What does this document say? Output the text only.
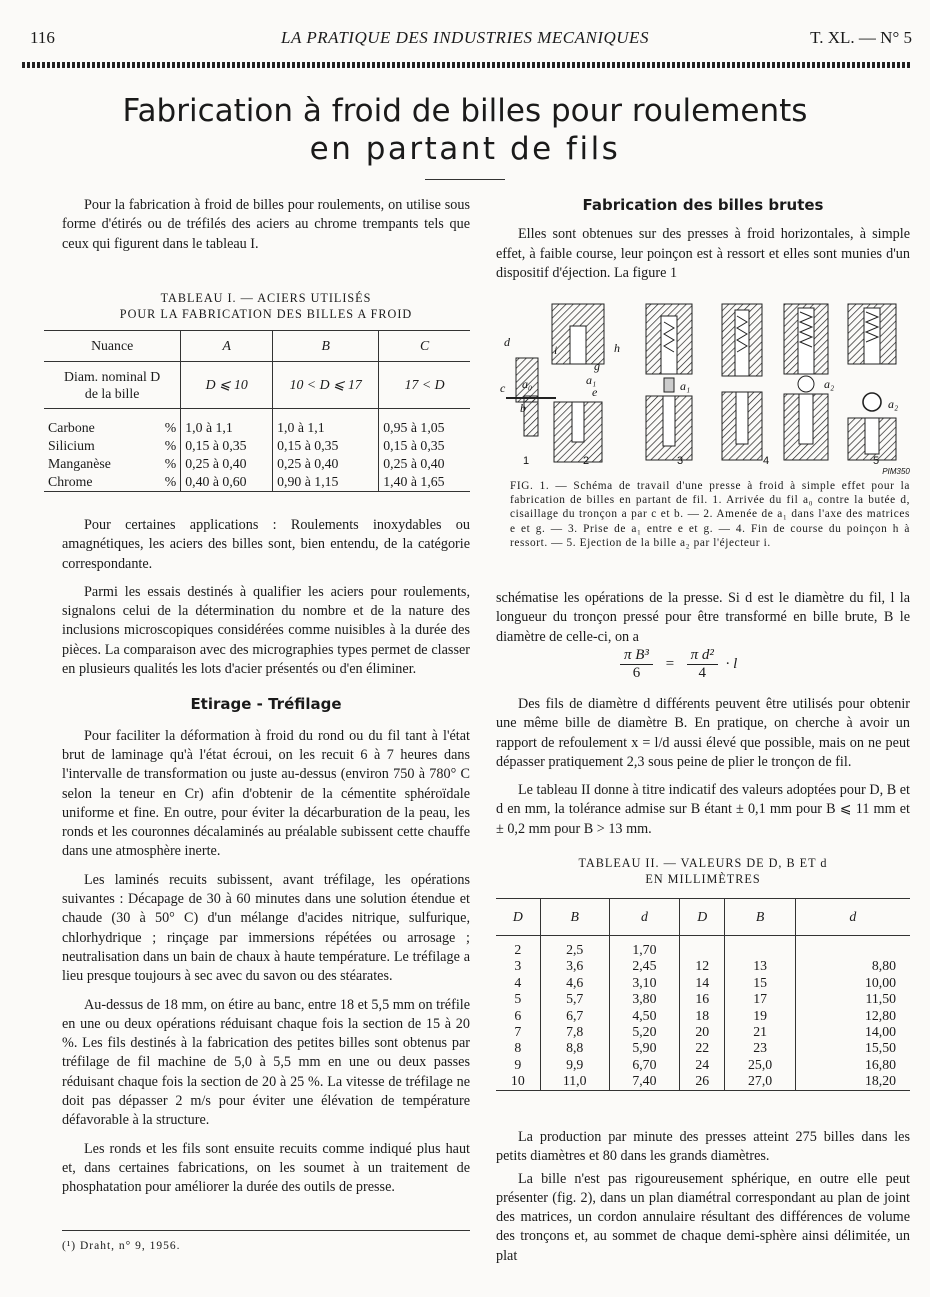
116	LA PRATIQUE DES INDUSTRIES MECANIQUES	T. XL. — N° 5
Fabrication à froid de billes pour roulements
en partant de fils

Pour la fabrication à froid de billes pour roulements, on utilise sous forme d'étirés ou de tréfilés des aciers au chrome trempants tels que ceux qui figurent dans le tableau I.

TABLEAU I. — ACIERS UTILISÉS
POUR LA FABRICATION DES BILLES A FROID
Nuance		A	B	C

Diam. nominal D
de la bille		D ⩽ 10	10 < D ⩽ 17	17 < D

Carbone	%	1,0 à 1,1	1,0 à 1,1	0,95 à 1,05
Silicium	%	0,15 à 0,35	0,15 à 0,35	0,15 à 0,35
Manganèse	%	0,25 à 0,40	0,25 à 0,40	0,25 à 0,40
Chrome	%	0,40 à 0,60	0,90 à 1,15	1,40 à 1,65

Pour certaines applications : Roulements inoxydables ou amagnétiques, les aciers des billes sont, bien entendu, de la catégorie correspondante.

Parmi les essais destinés à qualifier les aciers pour roulements, signalons celui de la détermination du nombre et de la nature des inclusions microscopiques considérées comme nuisibles à la durée des pièces. La comparaison avec des micrographies types permet de classer en plusieurs qualités les lots d'acier présentés ou d'en éliminer.

Etirage - Tréfilage

Pour faciliter la déformation à froid du rond ou du fil tant à l'état brut de laminage qu'à l'état écroui, on les recuit 6 à 7 heures dans l'intervalle de transformation ou juste au-dessus (environ 750 à 780° C selon la teneur en Cr) afin d'obtenir de la cémentite sphéroïdale uniforme et fine. En outre, pour éviter la décarburation de la peau, les ronds et les couronnes décalaminés au préalable subissent cette chauffe dans une atmosphère inerte.

Les laminés recuits subissent, avant tréfilage, les opérations suivantes : Décapage de 30 à 60 minutes dans une solution étendue et chaude (30 à 50° C) d'un mélange d'acides nitrique, sulfurique, chlorhydrique ; rinçage par immersions répétées ou arrosage ; neutralisation dans un bain de chaux à haute température. Le tréfilage a lieu presque toujours à sec avec du savon ou des stéarates.

Au-dessus de 18 mm, on étire au banc, entre 18 et 5,5 mm on tréfile en une ou deux opérations réduisant chaque fois la section de 15 à 20 %. Les fils destinés à la fabrication des petites billes sont obtenus par tréfilage de fil machine de 5,0 à 5,5 mm en une ou deux passes réduisant chaque fois la section de 20 à 25 %. La vitesse de tréfilage ne doit pas dépasser 2 m/s pour éviter une élévation de température défavorable à la structure.

Les ronds et les fils sont ensuite recuits comme indiqué plus haut et, dans certaines fabrications, on les soumet à un traitement de phosphatation pour améliorer la durée des outils de presse.

(¹) Draht, n° 9, 1956.
Fabrication des billes brutes

Elles sont obtenues sur des presses à froid horizontales, à simple effet, à faible course, leur poinçon est à ressort et elles sont munies d'un dispositif d'éjection. La figure 1

d
c a₀
b
i
g
e
a₁
h
a₁	a₂
a₂
1	2	3	4	5
PIM350
FIG. 1. — Schéma de travail d'une presse à froid à simple effet pour la fabrication de billes en partant de fil. 1. Arrivée du fil a₀ contre la butée d, cisaillage du tronçon a par c et b. — 2. Amenée de a₁ dans l'axe des matrices e et g. — 3. Prise de a₁ entre e et g. — 4. Fin de course du poinçon h à ressort. — 5. Ejection de la bille a₂ par l'éjecteur i.

schématise les opérations de la presse. Si d est le diamètre du fil, l la longueur du tronçon pressé pour être transformé en bille brute, B le diamètre de celle-ci, on a

$\frac{\text{π B³}}{6} = \frac{\text{π d²}}{4} \cdot l$

Des fils de diamètre d différents peuvent être utilisés pour obtenir une même bille de diamètre B. En pratique, on cherche à avoir un rapport de refoulement x = l/d aussi élevé que possible, mais on ne peut dépasser pratiquement 2,3 sous peine de plier le tronçon de fil.

Le tableau II donne à titre indicatif des valeurs adoptées pour D, B et d en mm, la tolérance admise sur B étant ± 0,1 mm pour B ⩽ 11 mm et ± 0,2 mm pour B > 13 mm.

TABLEAU II. — VALEURS DE D, B ET d
EN MILLIMÈTRES
D	B	d	D	B	d

2	2,5	1,70			
3	3,6	2,45	12	13	8,80
4	4,6	3,10	14	15	10,00
5	5,7	3,80	16	17	11,50
6	6,7	4,50	18	19	12,80
7	7,8	5,20	20	21	14,00
8	8,8	5,90	22	23	15,50
9	9,9	6,70	24	25,0	16,80
10	11,0	7,40	26	27,0	18,20

La production par minute des presses atteint 275 billes dans les petits diamètres et 80 dans les grands diamètres.

La bille n'est pas rigoureusement sphérique, en outre elle peut présenter (fig. 2), dans un plan diamétral correspondant au plan de joint des matrices, un cordon annulaire résultant des différences de volume des tronçons et, au sommet de chaque demi-sphère ainsi délimitée, un plat
